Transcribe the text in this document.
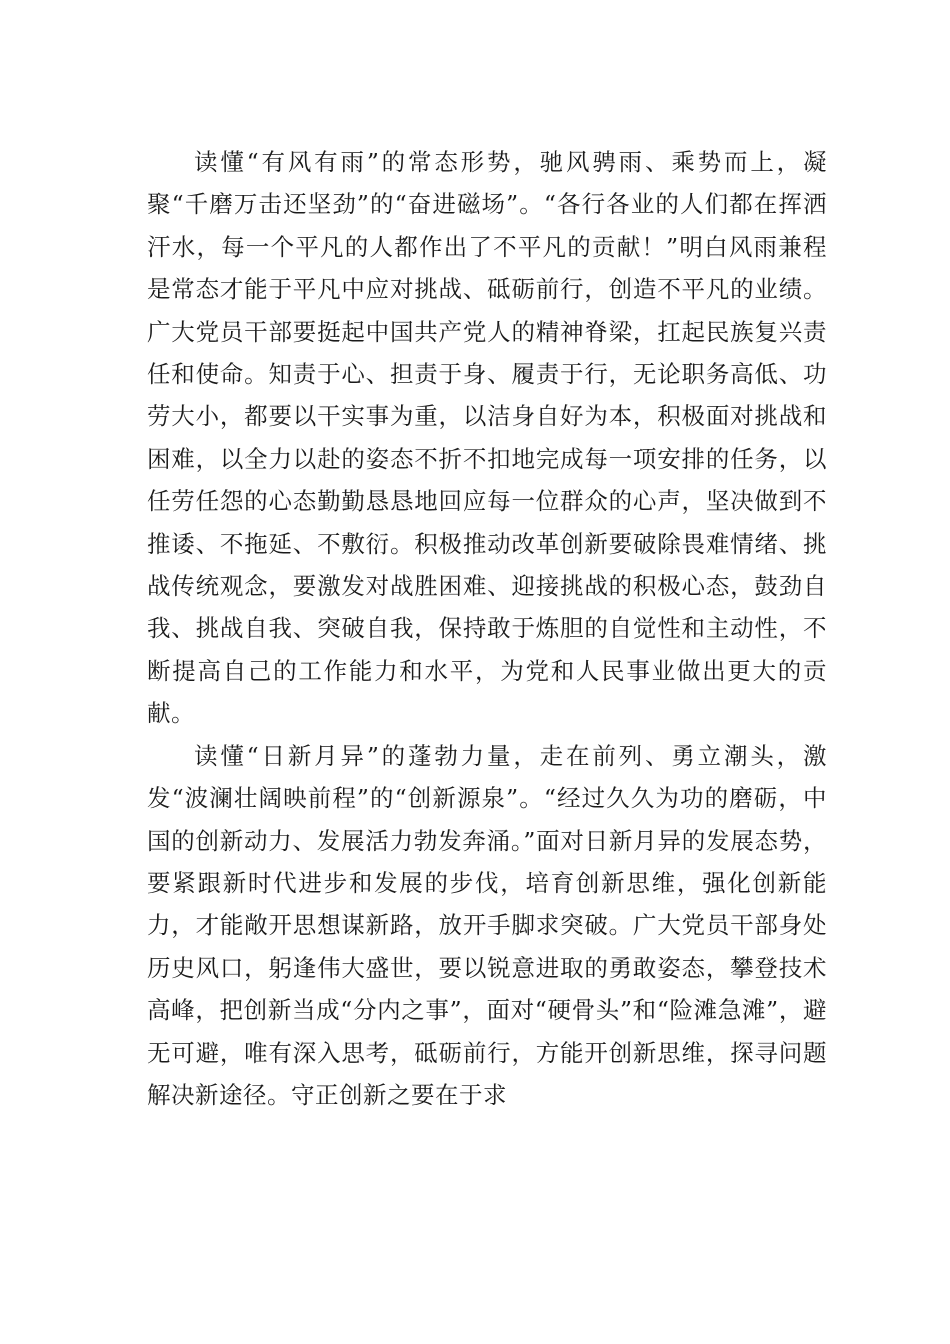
读懂“有风有雨”的常态形势，驰风骋雨、乘势而上，凝聚“千磨万击还坚劲”的“奋进磁场”。“各行各业的人们都在挥洒汗水，每一个平凡的人都作出了不平凡的贡献！”明白风雨兼程是常态才能于平凡中应对挑战、砥砺前行，创造不平凡的业绩。广大党员干部要挺起中国共产党人的精神脊梁，扛起民族复兴责任和使命。知责于心、担责于身、履责于行，无论职务高低、功劳大小，都要以干实事为重，以洁身自好为本，积极面对挑战和困难，以全力以赴的姿态不折不扣地完成每一项安排的任务，以任劳任怨的心态勤勤恳恳地回应每一位群众的心声，坚决做到不推诿、不拖延、不敷衍。积极推动改革创新要破除畏难情绪、挑战传统观念，要激发对战胜困难、迎接挑战的积极心态，鼓劲自我、挑战自我、突破自我，保持敢于炼胆的自觉性和主动性，不断提高自己的工作能力和水平，为党和人民事业做出更大的贡献。

读懂“日新月异”的蓬勃力量，走在前列、勇立潮头，激发“波澜壮阔映前程”的“创新源泉”。“经过久久为功的磨砺，中国的创新动力、发展活力勃发奔涌。”面对日新月异的发展态势，要紧跟新时代进步和发展的步伐，培育创新思维，强化创新能力，才能敞开思想谋新路，放开手脚求突破。广大党员干部身处历史风口，躬逢伟大盛世，要以锐意进取的勇敢姿态，攀登技术高峰，把创新当成“分内之事”，面对“硬骨头”和“险滩急滩”，避无可避，唯有深入思考，砥砺前行，方能开创新思维，探寻问题解决新途径。守正创新之要在于求
